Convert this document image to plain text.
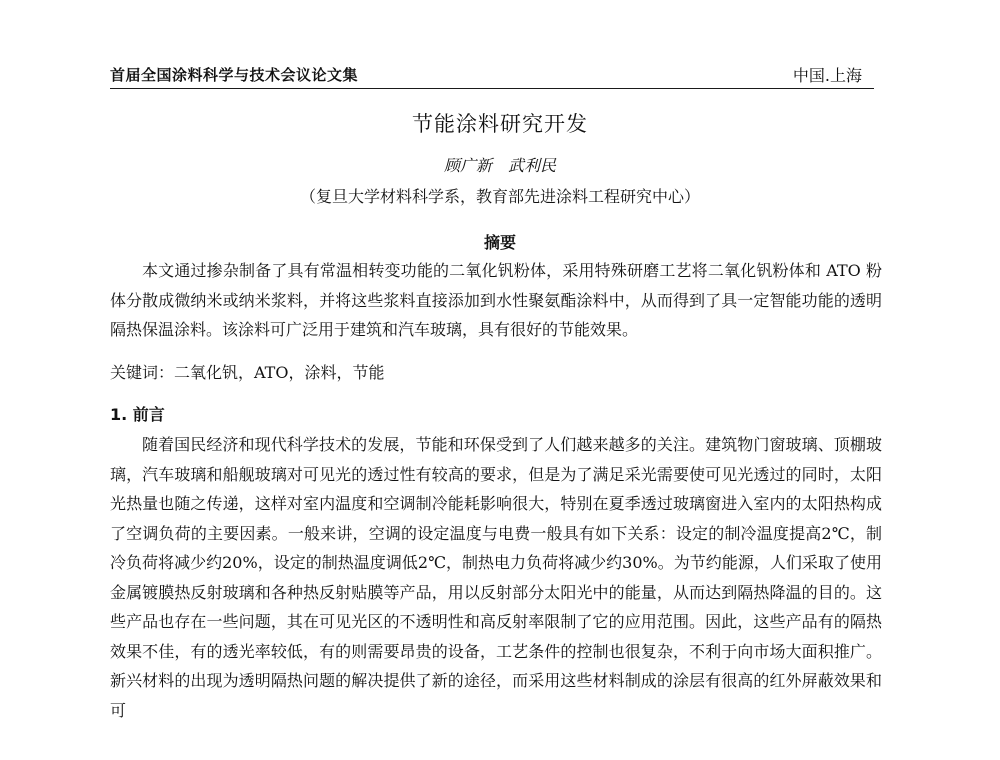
首届全国涂料科学与技术会议论文集	中国.上海
节能涂料研究开发
顾广新　武利民
（复旦大学材料科学系，教育部先进涂料工程研究中心）
摘要

本文通过掺杂制备了具有常温相转变功能的二氧化钒粉体，采用特殊研磨工艺将二氧化钒粉体和 ATO 粉体分散成微纳米或纳米浆料，并将这些浆料直接添加到水性聚氨酯涂料中，从而得到了具一定智能功能的透明隔热保温涂料。该涂料可广泛用于建筑和汽车玻璃，具有很好的节能效果。

关键词：二氧化钒，ATO，涂料，节能
1. 前言

随着国民经济和现代科学技术的发展，节能和环保受到了人们越来越多的关注。建筑物门窗玻璃、顶棚玻璃，汽车玻璃和船舰玻璃对可见光的透过性有较高的要求，但是为了满足采光需要使可见光透过的同时，太阳光热量也随之传递，这样对室内温度和空调制冷能耗影响很大，特别在夏季透过玻璃窗进入室内的太阳热构成了空调负荷的主要因素。一般来讲，空调的设定温度与电费一般具有如下关系：设定的制冷温度提高2℃，制冷负荷将减少约20%，设定的制热温度调低2℃，制热电力负荷将减少约30%。为节约能源，人们采取了使用金属镀膜热反射玻璃和各种热反射贴膜等产品，用以反射部分太阳光中的能量，从而达到隔热降温的目的。这些产品也存在一些问题，其在可见光区的不透明性和高反射率限制了它的应用范围。因此，这些产品有的隔热效果不佳，有的透光率较低，有的则需要昂贵的设备，工艺条件的控制也很复杂，不利于向市场大面积推广。新兴材料的出现为透明隔热问题的解决提供了新的途径，而采用这些材料制成的涂层有很高的红外屏蔽效果和可
